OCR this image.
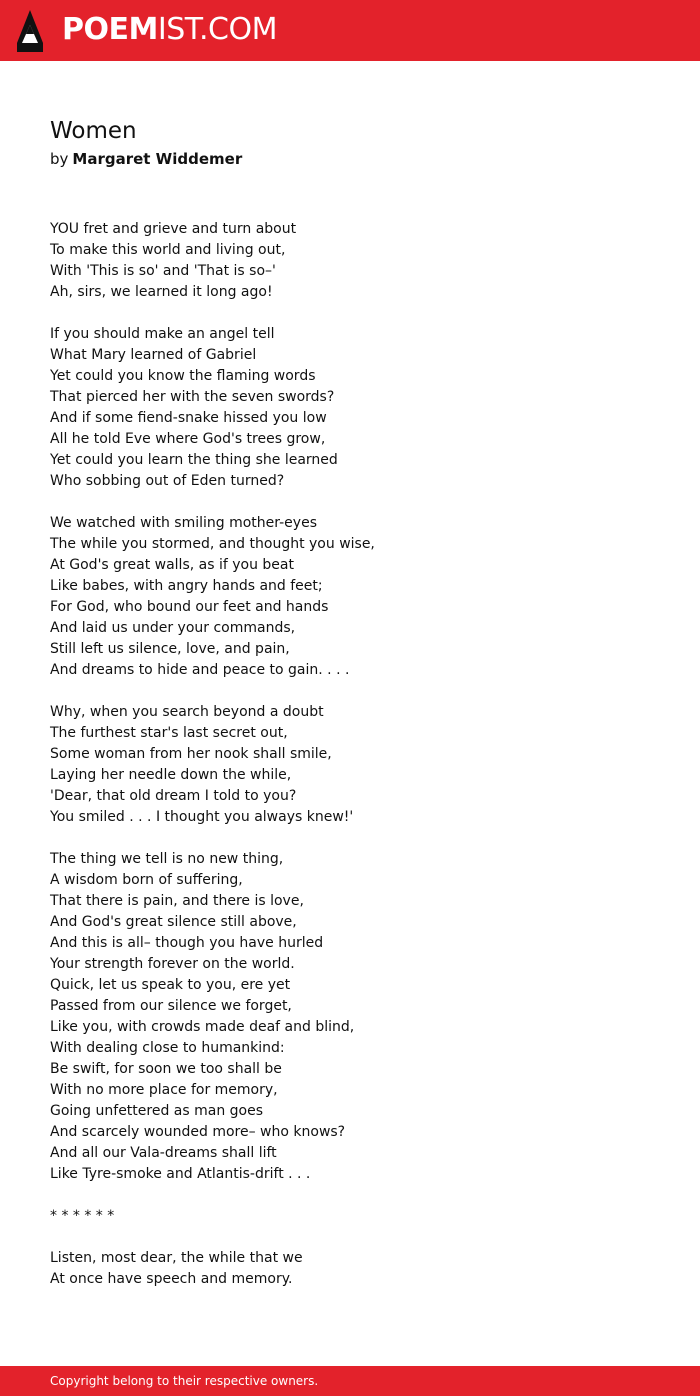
POEMIST.COM
Women
by Margaret Widdemer
YOU fret and grieve and turn about
To make this world and living out,
With 'This is so' and 'That is so–'
Ah, sirs, we learned it long ago!
If you should make an angel tell
What Mary learned of Gabriel
Yet could you know the flaming words
That pierced her with the seven swords?
And if some fiend-snake hissed you low
All he told Eve where God's trees grow,
Yet could you learn the thing she learned
Who sobbing out of Eden turned?
We watched with smiling mother-eyes
The while you stormed, and thought you wise,
At God's great walls, as if you beat
Like babes, with angry hands and feet;
For God, who bound our feet and hands
And laid us under your commands,
Still left us silence, love, and pain,
And dreams to hide and peace to gain. . . .
Why, when you search beyond a doubt
The furthest star's last secret out,
Some woman from her nook shall smile,
Laying her needle down the while,
'Dear, that old dream I told to you?
You smiled . . . I thought you always knew!'
The thing we tell is no new thing,
A wisdom born of suffering,
That there is pain, and there is love,
And God's great silence still above,
And this is all– though you have hurled
Your strength forever on the world.
Quick, let us speak to you, ere yet
Passed from our silence we forget,
Like you, with crowds made deaf and blind,
With dealing close to humankind:
Be swift, for soon we too shall be
With no more place for memory,
Going unfettered as man goes
And scarcely wounded more– who knows?
And all our Vala-dreams shall lift
Like Tyre-smoke and Atlantis-drift . . .
* * * * * *
Listen, most dear, the while that we
At once have speech and memory.
Copyright belong to their respective owners.
